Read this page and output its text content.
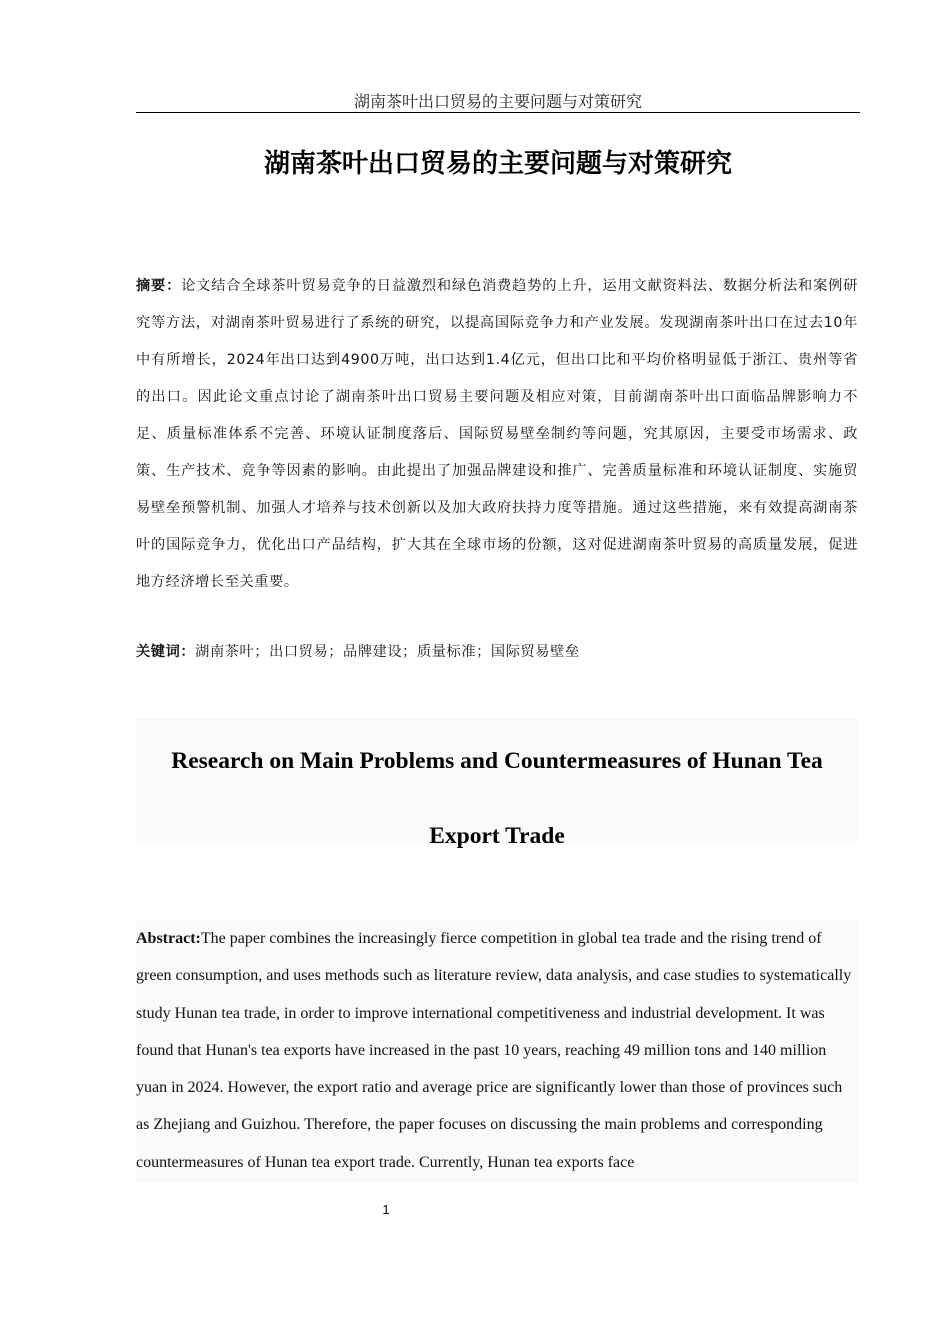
湖南茶叶出口贸易的主要问题与对策研究
湖南茶叶出口贸易的主要问题与对策研究
摘要：论文结合全球茶叶贸易竞争的日益激烈和绿色消费趋势的上升，运用文献资料法、数据分析法和案例研究等方法，对湖南茶叶贸易进行了系统的研究，以提高国际竞争力和产业发展。发现湖南茶叶出口在过去10年中有所增长，2024年出口达到4900万吨，出口达到1.4亿元，但出口比和平均价格明显低于浙江、贵州等省的出口。因此论文重点讨论了湖南茶叶出口贸易主要问题及相应对策，目前湖南茶叶出口面临品牌影响力不足、质量标准体系不完善、环境认证制度落后、国际贸易壁垒制约等问题，究其原因，主要受市场需求、政策、生产技术、竞争等因素的影响。由此提出了加强品牌建设和推广、完善质量标准和环境认证制度、实施贸易壁垒预警机制、加强人才培养与技术创新以及加大政府扶持力度等措施。通过这些措施，来有效提高湖南茶叶的国际竞争力，优化出口产品结构，扩大其在全球市场的份额，这对促进湖南茶叶贸易的高质量发展，促进地方经济增长至关重要。
关键词：湖南茶叶；出口贸易；品牌建设；质量标准；国际贸易壁垒
Research on Main Problems and Countermeasures of Hunan Tea Export Trade
Abstract:The paper combines the increasingly fierce competition in global tea trade and the rising trend of green consumption, and uses methods such as literature review, data analysis, and case studies to systematically study Hunan tea trade, in order to improve international competitiveness and industrial development. It was found that Hunan's tea exports have increased in the past 10 years, reaching 49 million tons and 140 million yuan in 2024. However, the export ratio and average price are significantly lower than those of provinces such as Zhejiang and Guizhou. Therefore, the paper focuses on discussing the main problems and corresponding countermeasures of Hunan tea export trade. Currently, Hunan tea exports face
1
